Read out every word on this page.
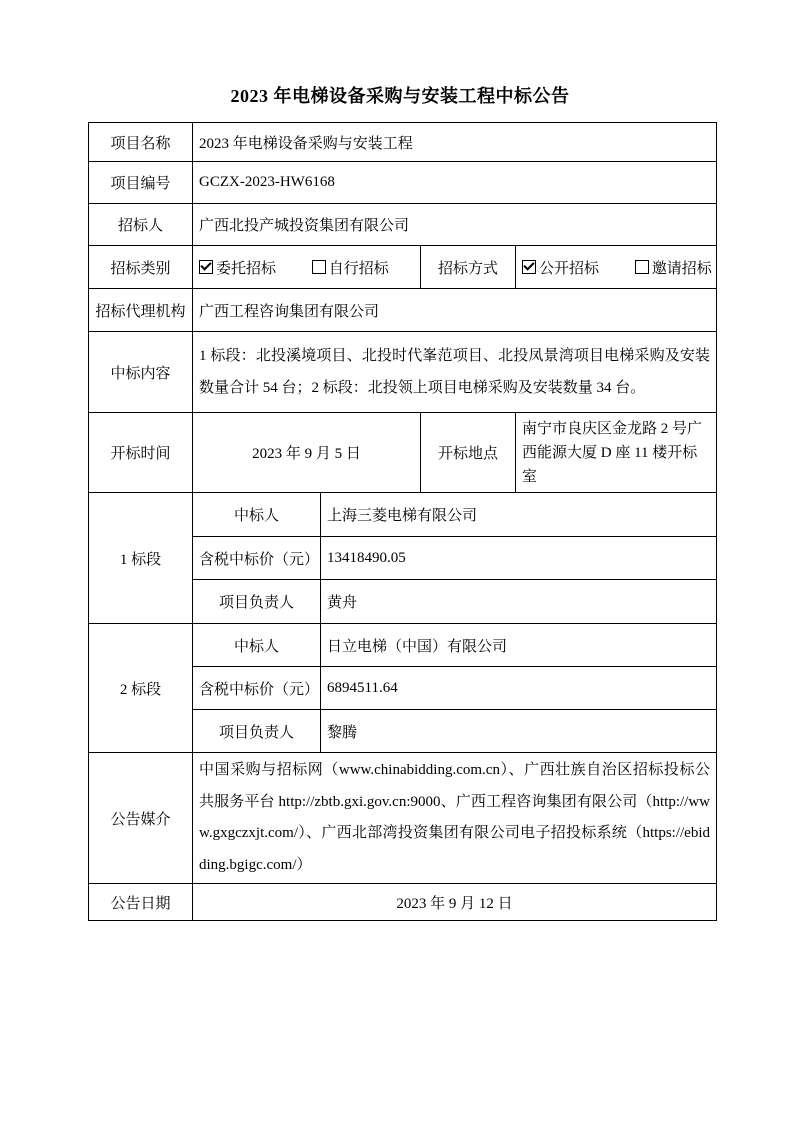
2023 年电梯设备采购与安装工程中标公告
项目名称	2023 年电梯设备采购与安装工程			
项目编号	GCZX-2023-HW6168			
招标人	广西北投产城投资集团有限公司			
招标类别	委托招标 自行招标		招标方式	公开招标 邀请招标
招标代理机构	广西工程咨询集团有限公司			
中标内容	1 标段：北投溪境项目、北投时代峯范项目、北投凤景湾项目电梯采购及安装数量合计 54 台；2 标段：北投领上项目电梯采购及安装数量 34 台。			
开标时间	2023 年 9 月 5 日		开标地点	南宁市良庆区金龙路 2 号广西能源大厦 D 座 11 楼开标室
1 标段	中标人	上海三菱电梯有限公司		
	含税中标价（元）	13418490.05		
	项目负责人	黄舟		
2 标段	中标人	日立电梯（中国）有限公司		
	含税中标价（元）	6894511.64		
	项目负责人	黎腾		
公告媒介	中国采购与招标网（www.chinabidding.com.cn）、广西壮族自治区招标投标公共服务平台 http://zbtb.gxi.gov.cn:9000、广西工程咨询集团有限公司（http://www.gxgczxjt.com/）、广西北部湾投资集团有限公司电子招投标系统（https://ebidding.bgigc.com/）			
公告日期	2023 年 9 月 12 日			
